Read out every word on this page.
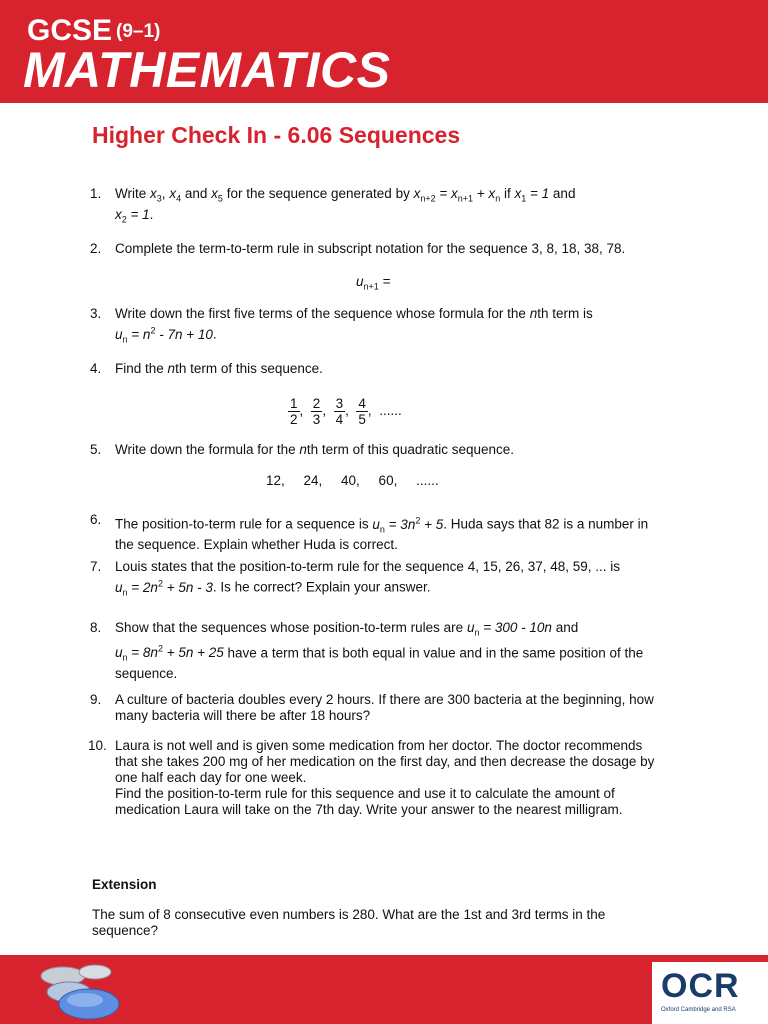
GCSE (9–1)
MATHEMATICS
Higher Check In - 6.06 Sequences
1. Write $x_3$, $x_4$ and $x_5$ for the sequence generated by $x_{n+2} = x_{n+1} + x_n$ if $x_1 = 1$ and
$x_2 = 1$.
2. Complete the term-to-term rule in subscript notation for the sequence 3, 8, 18, 38, 78.
$u_{n+1}$ =
3. Write down the first five terms of the sequence whose formula for the nth term is
$u_n = n^2 - 7n + 10$.
4. Find the nth term of this sequence.
$\frac{1}{2}$ , $\frac{2}{3}$ , $\frac{3}{4}$ , $\frac{4}{5}$ , ......
5. Write down the formula for the nth term of this quadratic sequence.
12,     24,     40,     60,     ......
6. The position-to-term rule for a sequence is $u_n = 3n^2 + 5$. Huda says that 82 is a number in the sequence. Explain whether Huda is correct.
7. Louis states that the position-to-term rule for the sequence 4, 15, 26, 37, 48, 59, ... is
$u_n = 2n^2 + 5n - 3$. Is he correct? Explain your answer.
8. Show that the sequences whose position-to-term rules are $u_n = 300 - 10n$ and
$u_n = 8n^2 + 5n + 25$ have a term that is both equal in value and in the same position of the sequence.
9. A culture of bacteria doubles every 2 hours. If there are 300 bacteria at the beginning, how many bacteria will there be after 18 hours?
10. Laura is not well and is given some medication from her doctor. The doctor recommends that she takes 200 mg of her medication on the first day, and then decrease the dosage by one half each day for one week.
Find the position-to-term rule for this sequence and use it to calculate the amount of medication Laura will take on the 7th day. Write your answer to the nearest milligram.
Extension
The sum of 8 consecutive even numbers is 280. What are the 1st and 3rd terms in the sequence?
OCR
Oxford Cambridge and RSA
